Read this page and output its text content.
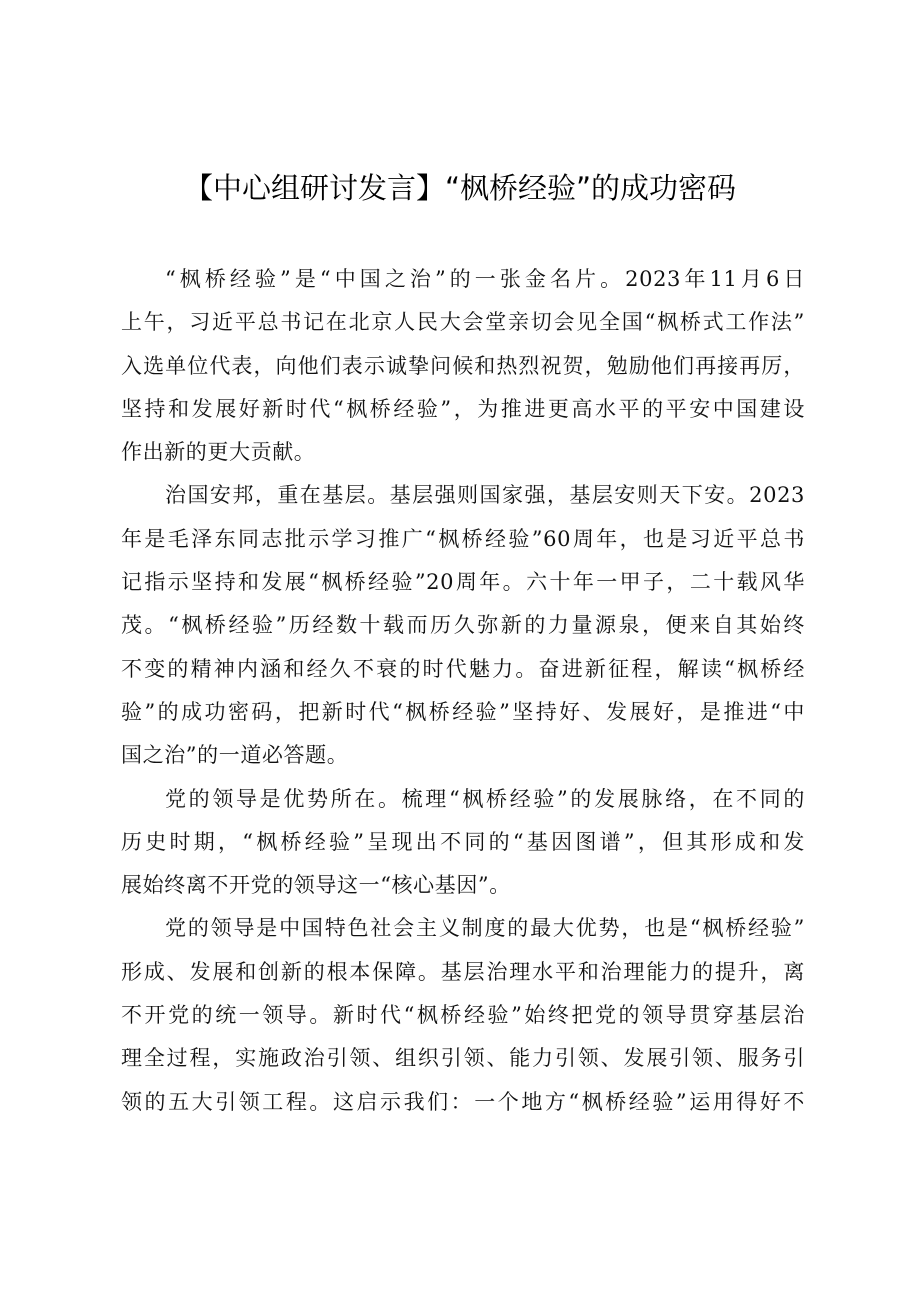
【中心组研讨发言】“枫桥经验”的成功密码

“枫桥经验”是“中国之治”的一张金名片。2023年11月6日
上午，习近平总书记在北京人民大会堂亲切会见全国“枫桥式工作法”
入选单位代表，向他们表示诚挚问候和热烈祝贺，勉励他们再接再厉，
坚持和发展好新时代“枫桥经验”，为推进更高水平的平安中国建设
作出新的更大贡献。

治国安邦，重在基层。基层强则国家强，基层安则天下安。2023
年是毛泽东同志批示学习推广“枫桥经验”60周年，也是习近平总书
记指示坚持和发展“枫桥经验”20周年。六十年一甲子，二十载风华
茂。“枫桥经验”历经数十载而历久弥新的力量源泉，便来自其始终
不变的精神内涵和经久不衰的时代魅力。奋进新征程，解读“枫桥经
验”的成功密码，把新时代“枫桥经验”坚持好、发展好，是推进“中
国之治”的一道必答题。

党的领导是优势所在。梳理“枫桥经验”的发展脉络，在不同的
历史时期，“枫桥经验”呈现出不同的“基因图谱”，但其形成和发
展始终离不开党的领导这一“核心基因”。

党的领导是中国特色社会主义制度的最大优势，也是“枫桥经验”
形成、发展和创新的根本保障。基层治理水平和治理能力的提升，离
不开党的统一领导。新时代“枫桥经验”始终把党的领导贯穿基层治
理全过程，实施政治引领、组织引领、能力引领、发展引领、服务引
领的五大引领工程。这启示我们：一个地方“枫桥经验”运用得好不
